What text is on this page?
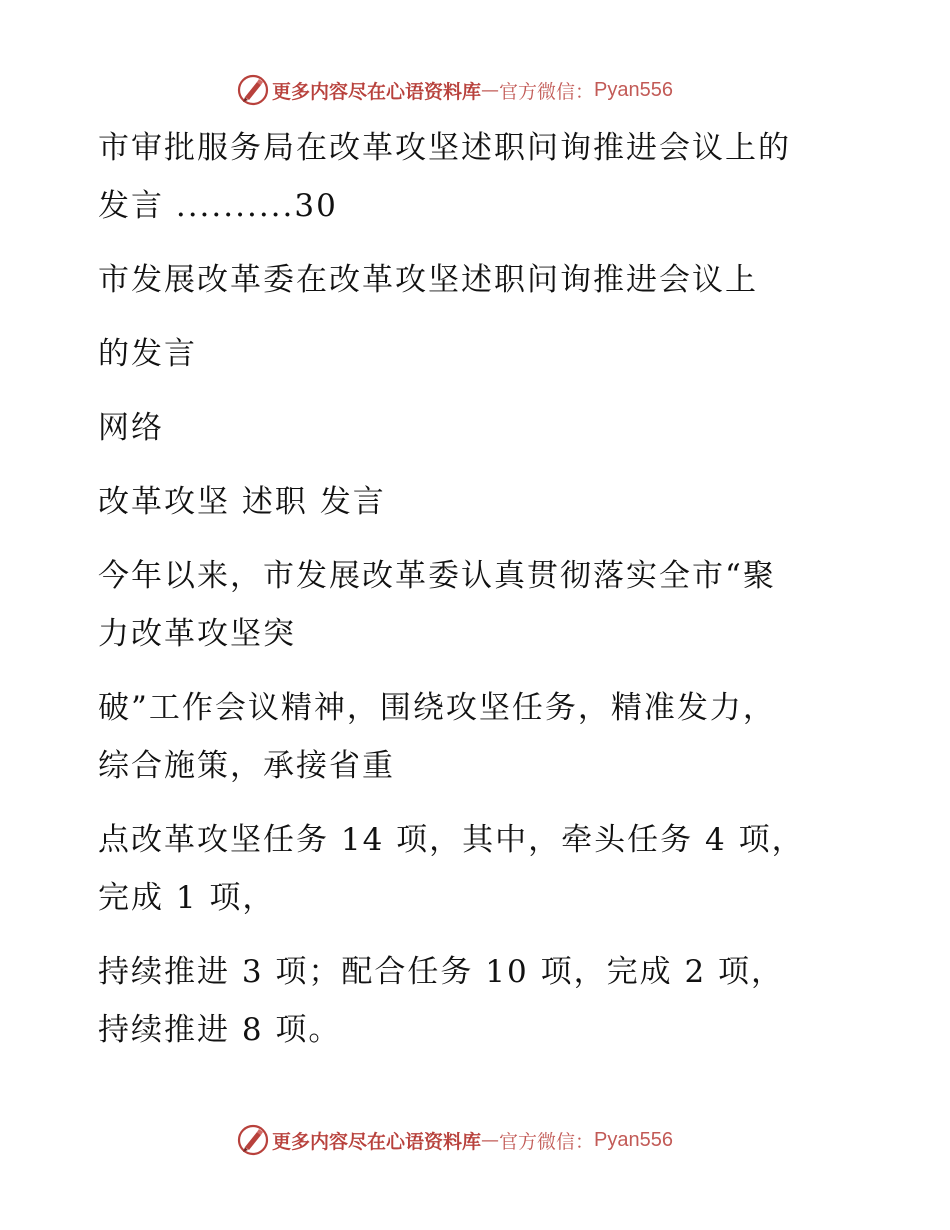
更多内容尽在心语资料库 — 官方微信： Pyan556
市审批服务局在改革攻坚述职问询推进会议上的
发言 ..........30
市发展改革委在改革攻坚述职问询推进会议上
的发言
网络
改革攻坚 述职 发言
今年以来，市发展改革委认真贯彻落实全市“聚
力改革攻坚突
破”工作会议精神，围绕攻坚任务，精准发力，
综合施策，承接省重
点改革攻坚任务 14 项，其中，牵头任务 4 项，
完成 1 项，
持续推进 3 项；配合任务 10 项，完成 2 项，
持续推进 8 项。
更多内容尽在心语资料库 — 官方微信： Pyan556
